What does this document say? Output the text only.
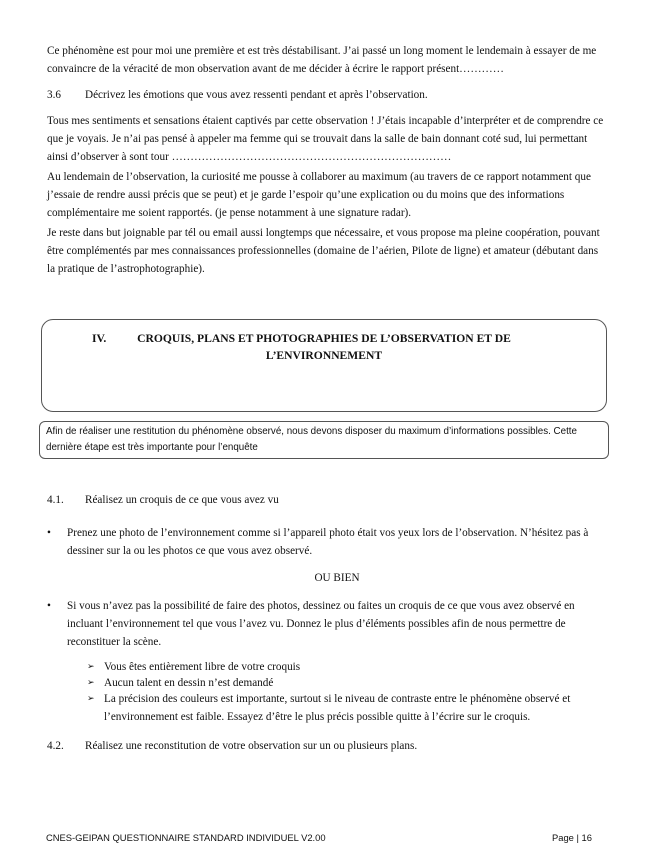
Ce phénomène est pour moi une première et est très déstabilisant. J’ai passé un long moment le lendemain à essayer de me convaincre de la véracité de mon observation avant de me décider à écrire le rapport présent…………

3.6 Décrivez les émotions que vous avez ressenti pendant et après l’observation.

Tous mes sentiments et sensations étaient captivés par cette observation ! J’étais incapable d’interpréter et de comprendre ce que je voyais. Je n’ai pas pensé à appeler ma femme qui se trouvait dans la salle de bain donnant coté sud, lui permettant ainsi d’observer à sont tour …………………………………………………………………

Au lendemain de l’observation, la curiosité me pousse à collaborer au maximum (au travers de ce rapport notamment que j’essaie de rendre aussi précis que se peut) et je garde l’espoir qu’une explication ou du moins que des informations complémentaire me soient rapportés. (je pense notamment à une signature radar).

Je reste dans but joignable par tél ou email aussi longtemps que nécessaire, et vous propose ma pleine coopération, pouvant être complémentés par mes connaissances professionnelles (domaine de l’aérien, Pilote de ligne) et amateur (débutant dans la pratique de l’astrophotographie).

IV.	CROQUIS, PLANS ET PHOTOGRAPHIES DE L’OBSERVATION ET DE
L’ENVIRONNEMENT
Afin de réaliser une restitution du phénomène observé, nous devons disposer du maximum d’informations possibles. Cette dernière étape est très importante pour l’enquête
4.1. Réalisez un croquis de ce que vous avez vu
• Prenez une photo de l’environnement comme si l’appareil photo était vos yeux lors de l’observation. N’hésitez pas à dessiner sur la ou les photos ce que vous avez observé.
OU BIEN
• Si vous n’avez pas la possibilité de faire des photos, dessinez ou faites un croquis de ce que vous avez observé en incluant l’environnement tel que vous l’avez vu. Donnez le plus d’éléments possibles afin de nous permettre de reconstituer la scène.
➢ Vous êtes entièrement libre de votre croquis
➢ Aucun talent en dessin n’est demandé
➢ La précision des couleurs est importante, surtout si le niveau de contraste entre le phénomène observé et l’environnement est faible. Essayez d’être le plus précis possible quitte à l’écrire sur le croquis.
4.2. Réalisez une reconstitution de votre observation sur un ou plusieurs plans.
CNES-GEIPAN QUESTIONNAIRE STANDARD INDIVIDUEL V2.00	Page | 16
